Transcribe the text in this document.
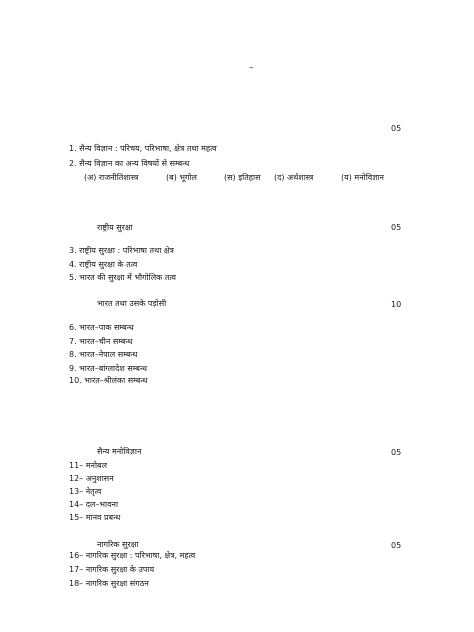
–
05
1. सैन्य विज्ञान : परिचय, परिभाषा, क्षेत्र तथा महत्व
2. सैन्य विज्ञान का अन्य विषयों से सम्बन्ध
(अ) राजनीतिशास्त्र	(ब) भूगोल	(स) इतिहास (द) अर्थशास्त्र	(य) मनोविज्ञान
राष्ट्रीय सुरक्षा	05
3. राष्ट्रीय सुरक्षा : परिभाषा तथा क्षेत्र
4. राष्ट्रीय सुरक्षा के तत्व
5. भारत की सुरक्षा में भौगोलिक तत्व
भारत तथा उसके पड़ोसी	10
6. भारत–पाक सम्बन्ध
7. भारत–चीन सम्बन्ध
8. भारत–नेपाल सम्बन्ध
9. भारत–बांग्लादेश सम्बन्ध
10. भारत–श्रीलंका सम्बन्ध
सैन्य मनोविज्ञान	05
11– मनोबल
12– अनुशासन
13– नेतृत्व
14– दल–भावना
15– मानव प्रबन्ध
नागरिक सुरक्षा	05
16– नागरिक सुरक्षा : परिभाषा, क्षेत्र, महत्व
17– नागरिक सुरक्षा के उपाय
18– नागरिक सुरक्षा संगठन
